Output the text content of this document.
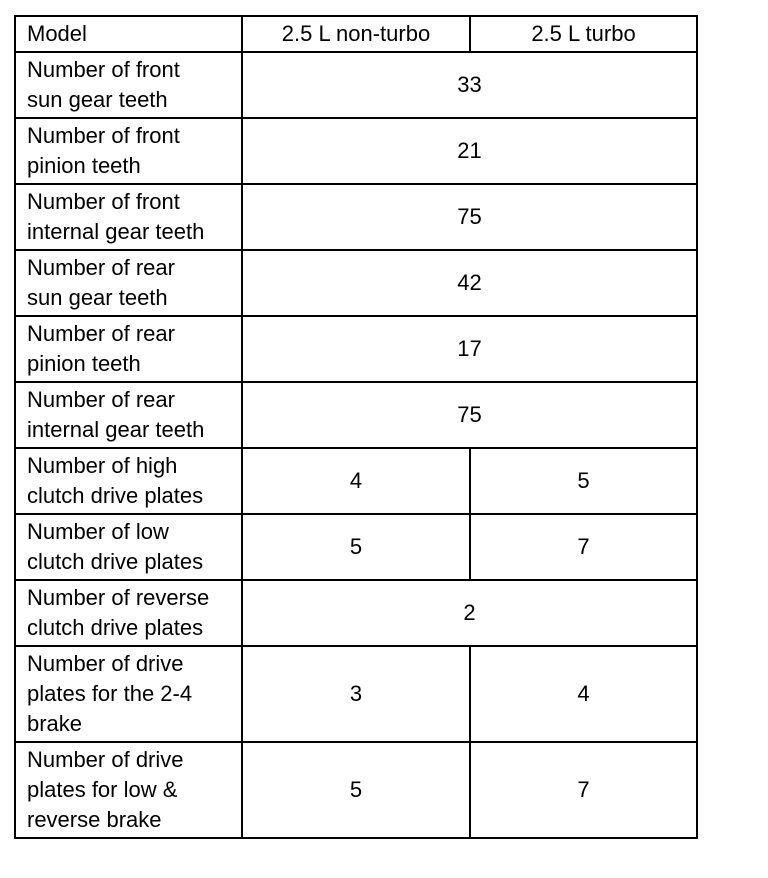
Model	2.5 L non-turbo	2.5 L turbo

Number of front
sun gear teeth	33	

Number of front
pinion teeth	21	

Number of front
internal gear teeth	75	

Number of rear
sun gear teeth	42	

Number of rear
pinion teeth	17	

Number of rear
internal gear teeth	75	

Number of high
clutch drive plates	4	5

Number of low
clutch drive plates	5	7

Number of reverse
clutch drive plates	2	

Number of drive
plates for the 2-4
brake	3	4

Number of drive
plates for low &
reverse brake	5	7
